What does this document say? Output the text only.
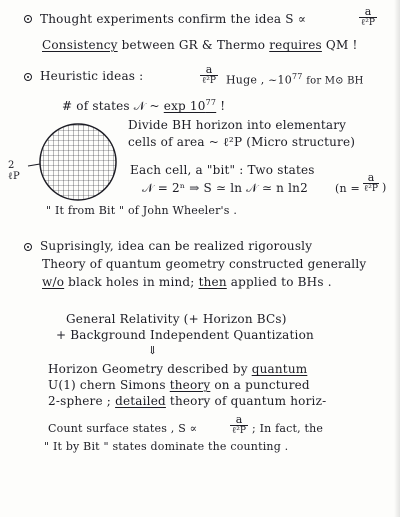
Thought experiments confirm the idea S ∝
a
ℓ²P
Consistency between GR & Thermo requires QM !
Heuristic ideas :	a
ℓ²P Huge , $\sim 10^{77}$ for M⊙ BH
# of states 𝒩 ~ $\exp 10^{77}$ !
2
ℓP
Divide BH horizon into elementary
cells of area ~ ℓ²P (Micro structure)
Each cell, a "bit" : Two states
𝒩 = 2ⁿ ⇒ S ≃ ln 𝒩 ≃ n ln2 (n =
a
ℓ²P )
" It from Bit " of John Wheeler's .
Suprisingly, idea can be realized rigorously
Theory of quantum geometry constructed generally
w/o black holes in mind; then applied to BHs .
General Relativity (+ Horizon BCs)
+ Background Independent Quantization
⇓
Horizon Geometry described by quantum
U(1) chern Simons theory on a punctured
2-sphere ; detailed theory of quantum horiz-
Count surface states , S ∝
a
ℓ²P ; In fact, the
" It by Bit " states dominate the counting .
